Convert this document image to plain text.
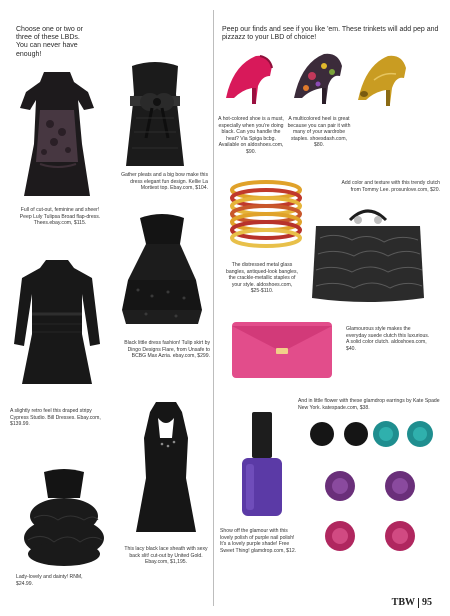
Choose one or two or three of these LBDs. You can never have enough!
Full of cut-out, feminine and sheer! Peep Luly Tulipsa Broad flap-dress. Thees.ebay.com, $115.
Gather pleats and a big bow make this dress elegant fun design. Kellie La Mortiest top. Ebay.com, $104.
Black little dress fashion! Tulip skirt by Dingo Designs Flare, from Unsafe to BCBG Max Azria. ebay.com, $299.
A slightly retro feel this draped stripy Cypress Studio. Bill Dresses. Ebay.com, $139.99.
Lady-lovely and dainty! RNM, $24.99.
This lacy black lace sheath with sexy back slit! cut-out by United Gold. Ebay.com, $1,195.
Peep our finds and see if you like 'em. These trinkets will add pep and pizzazz to your LBD of choice!
A hot-colored shoe is a must, especially when you're doing black. Can you handle the heat? Via Spiga bcbg. Available on aldoshoes.com, $90.
A multicolored heel is great because you can pair it with many of your wardrobe staples. shoesdash.com, $80.
The distressed metal glass bangles, antiqued-look bangles, the crackle-metallic staples of your style. aldoshoes.com, $25-$110.
Add color and texture with this trendy clutch from Tommy Lee. prosunlove.com, $20.
Glamourous style makes the everyday suede clutch this luxurious. A solid color clutch. aldoshoes.com, $40.
And in little flower with these glamdrop earrings by Kate Spade New York. katespade.com, $38.
Show off the glamour with this lovely polish of purple nail polish! It's a lovely purple shade! Free Sweet Thing! glamdrop.com, $12.
TBW 95
